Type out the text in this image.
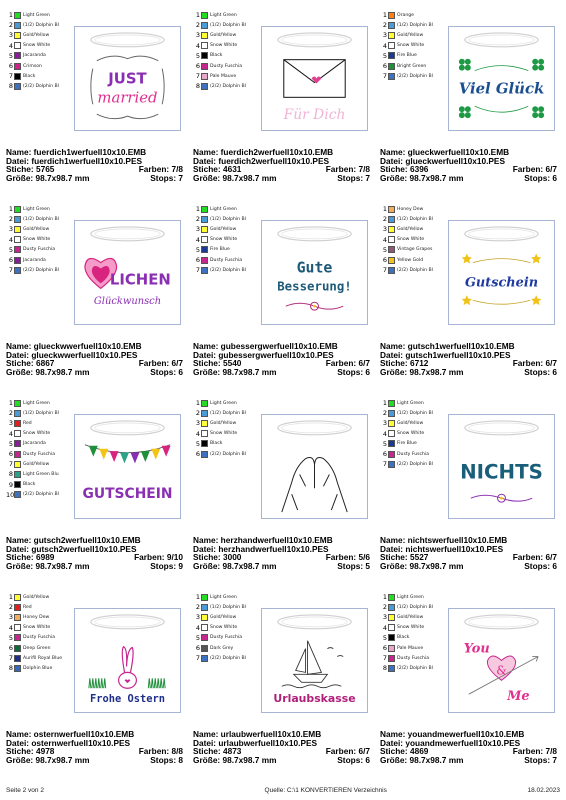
1 Light Green
2 (1/2) Dolphin Bl
3 Gold/Yellow
4 Snow White
5 Jacaranda
6 Crimson
7 Black
8 (2/2) Dolphin Bl	JUST
married
Name: fuerdich1werfuell10x10.EMB
Datei: fuerdich1werfuell10x10.PES
Stiche: 5765	Farben: 7/8
Größe: 98.7x98.7 mm	Stops: 7
1 Light Green
2 (1/2) Dolphin Bl
3 Gold/Yellow
4 Snow White
5 Black
6 Dusty Fuschia
7 Pale Mauve
8 (2/2) Dolphin Bl
Für Dich
Name: fuerdich2werfuell10x10.EMB
Datei: fuerdich2werfuell10x10.PES
Stiche: 4631	Farben: 7/8
Größe: 98.7x98.7 mm	Stops: 7
1 Orange
2 (1/2) Dolphin Bl
3 Gold/Yellow
4 Snow White
5 Fire Blue
6 Bright Green
7 (2/2) Dolphin Bl
Viel Glück
Name: glueckwerfuell10x10.EMB
Datei: glueckwerfuell10x10.PES
Stiche: 6396	Farben: 6/7
Größe: 98.7x98.7 mm	Stops: 6
1 Light Green
2 (1/2) Dolphin Bl
3 Gold/Yellow
4 Snow White
5 Dusty Fuschia
6 Jacaranda
7 (2/2) Dolphin Bl
LICHEN
Glückwunsch
Name: glueckwwerfuell10x10.EMB
Datei: glueckwwerfuell10x10.PES
Stiche: 6867	Farben: 6/7
Größe: 98.7x98.7 mm	Stops: 6
1 Light Green
2 (1/2) Dolphin Bl
3 Gold/Yellow
4 Snow White
5 Fire Blue
6 Dusty Fuschia
7 (2/2) Dolphin Bl	Gute
Besserung!
Name: gubessergwerfuell10x10.EMB
Datei: gubessergwerfuell10x10.PES
Stiche: 5540	Farben: 6/7
Größe: 98.7x98.7 mm	Stops: 6
1 Honey Dew
2 (1/2) Dolphin Bl
3 Gold/Yellow
4 Snow White
5 Vintage Grapes
6 Yellow Gold
7 (2/2) Dolphin Bl
Gutschein
Name: gutsch1werfuell10x10.EMB
Datei: gutsch1werfuell10x10.PES
Stiche: 6712	Farben: 6/7
Größe: 98.7x98.7 mm	Stops: 6
1 Light Green
2 (1/2) Dolphin Bl
3 Red
4 Snow White
5 Jacaranda
6 Dusty Fuschia
7 Gold/Yellow
8 Light Green Blu
9 Black
10 (2/2) Dolphin Bl GUTSCHEIN
Name: gutsch2werfuell10x10.EMB
Datei: gutsch2werfuell10x10.PES
Stiche: 6989	Farben: 9/10
Größe: 98.7x98.7 mm	Stops: 9
1 Light Green
2 (1/2) Dolphin Bl
3 Gold/Yellow
4 Snow White
5 Black
6 (2/2) Dolphin Bl
Name: herzhandwerfuell10x10.EMB
Datei: herzhandwerfuell10x10.PES
Stiche: 3000	Farben: 5/6
Größe: 98.7x98.7 mm	Stops: 5
1 Light Green
2 (1/2) Dolphin Bl
3 Gold/Yellow
4 Snow White
5 Fire Blue
6 Dusty Fuschia
7 (2/2) Dolphin Bl NICHTS
Name: nichtswerfuell10x10.EMB
Datei: nichtswerfuell10x10.PES
Stiche: 5527	Farben: 6/7
Größe: 98.7x98.7 mm	Stops: 6
1 Gold/Yellow
2 Red
3 Honey Dew
4 Snow White
5 Dusty Fuschia
6 Deep Green
7 Aurifil Royal Blue
8 Dolphin Blue
Frohe Ostern
Name: osternwerfuell10x10.EMB
Datei: osternwerfuell10x10.PES
Stiche: 4978	Farben: 8/8
Größe: 98.7x98.7 mm	Stops: 8
1 Light Green
2 (1/2) Dolphin Bl
3 Gold/Yellow
4 Snow White
5 Dusty Fuschia
6 Dark Grey
7 (2/2) Dolphin Bl
Urlaubskasse
Name: urlaubwerfuell10x10.EMB
Datei: urlaubwerfuell10x10.PES
Stiche: 4873	Farben: 6/7
Größe: 98.7x98.7 mm	Stops: 6
1 Light Green
2 (1/2) Dolphin Bl
3 Gold/Yellow
4 Snow White
5 Black
6 Pale Mauve
7 Dusty Fuschia
8 (2/2) Dolphin Bl
You
&
Me
Name: youandmewerfuell10x10.EMB
Datei: youandmewerfuell10x10.PES
Stiche: 4869	Farben: 7/8
Größe: 98.7x98.7 mm	Stops: 7
Seite 2 von 2	Quelle: C:\1 KONVERTIEREN Verzeichnis	18.02.2023
